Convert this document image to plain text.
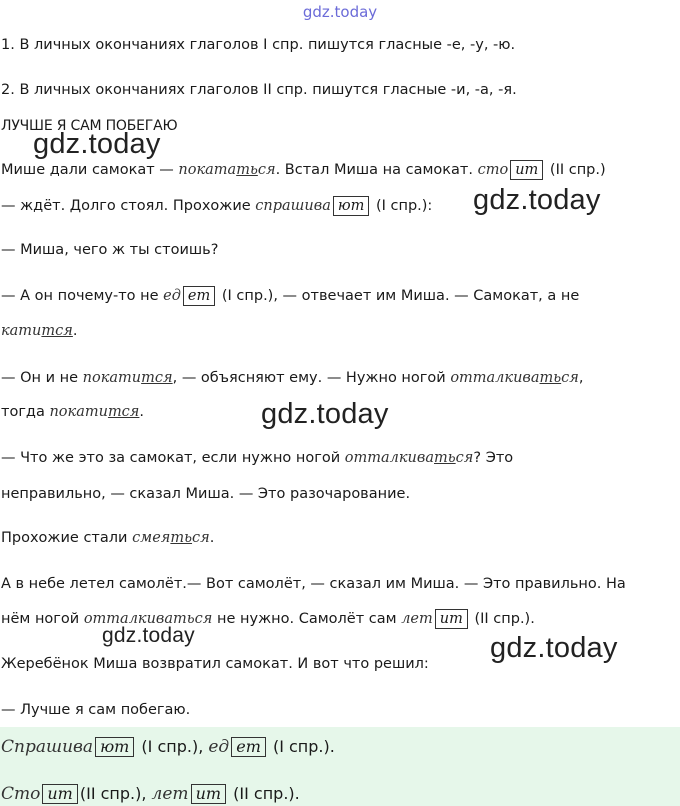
gdz.today
1. В личных окончаниях глаголов I спр. пишутся гласные -е, -у, -ю.
2. В личных окончаниях глаголов II спр. пишутся гласные -и, -а, -я.
ЛУЧШЕ Я САМ ПОБЕГАЮ
Мише дали самокат — покататься. Встал Миша на самокат. сто ит (II спр.)
— ждёт. Долго стоял. Прохожие спрашива ют (I спр.):
— Миша, чего ж ты стоишь?
— А он почему-то не ед ет (I спр.), — отвечает им Миша. — Самокат, а не
катится.
— Он и не покатится, — объясняют ему. — Нужно ногой отталкиваться,
тогда покатится.
— Что же это за самокат, если нужно ногой отталкиваться? Это
неправильно, — сказал Миша. — Это разочарование.
Прохожие стали смеяться.
А в небе летел самолёт.— Вот самолёт, — сказал им Миша. — Это правильно. На
нём ногой отталкиваться не нужно. Самолёт сам лет ит (II спр.).
Жеребёнок Миша возвратил самокат. И вот что решил:
— Лучше я сам побегаю.
Спрашива ют (I спр.), ед ет (I спр.).
Сто ит (II спр.), лет ит (II спр.).
gdz.today
gdz.today
gdz.today
gdz.today	gdz.today
